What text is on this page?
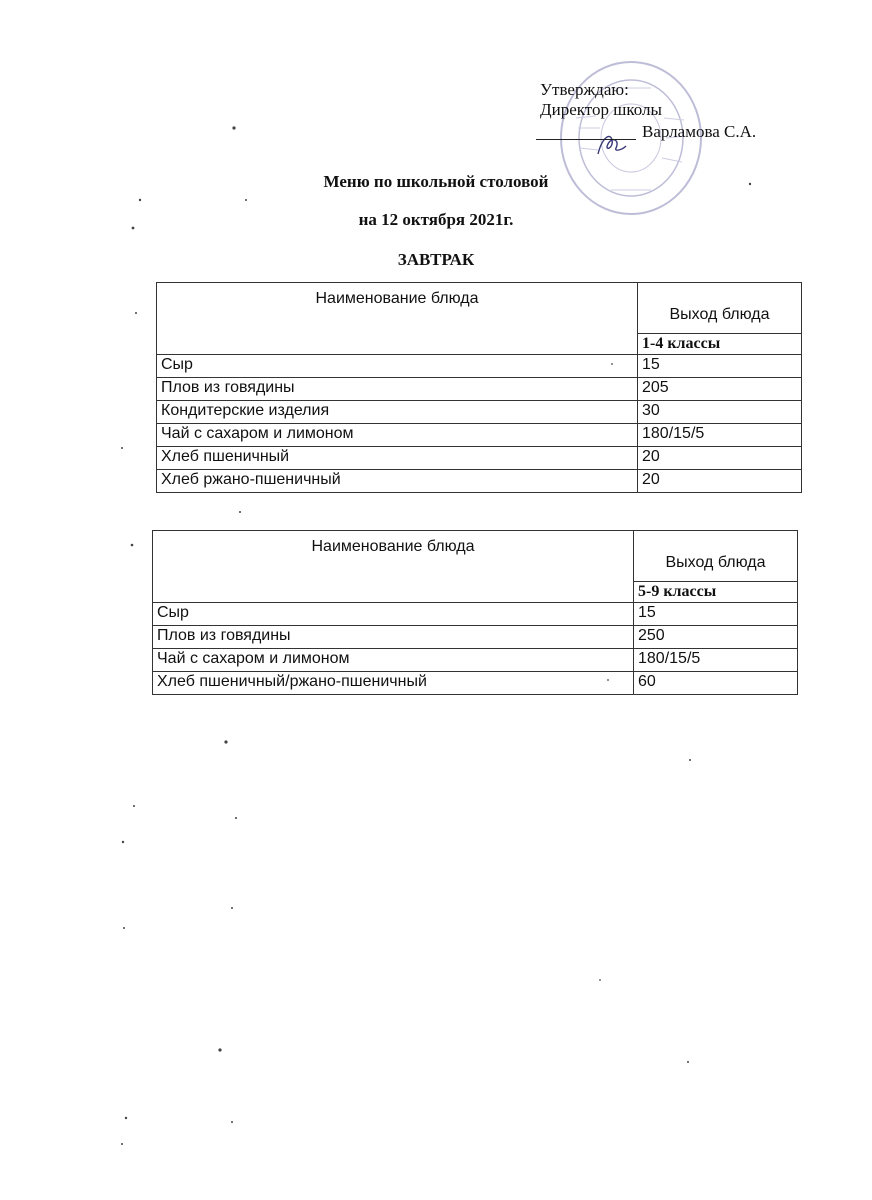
Утверждаю:
Директор школы
Варламова С.А.
Меню по школьной столовой
на 12 октября 2021г.
ЗАВТРАК
Наименование блюда	Выход блюда
	1-4 классы
Сыр	15
Плов из говядины	205
Кондитерские изделия	30
Чай с сахаром и лимоном	180/15/5
Хлеб пшеничный	20
Хлеб ржано-пшеничный	20
Наименование блюда	Выход блюда
	5-9 классы
Сыр	15
Плов из говядины	250
Чай с сахаром и лимоном	180/15/5
Хлеб пшеничный/ржано-пшеничный	60
